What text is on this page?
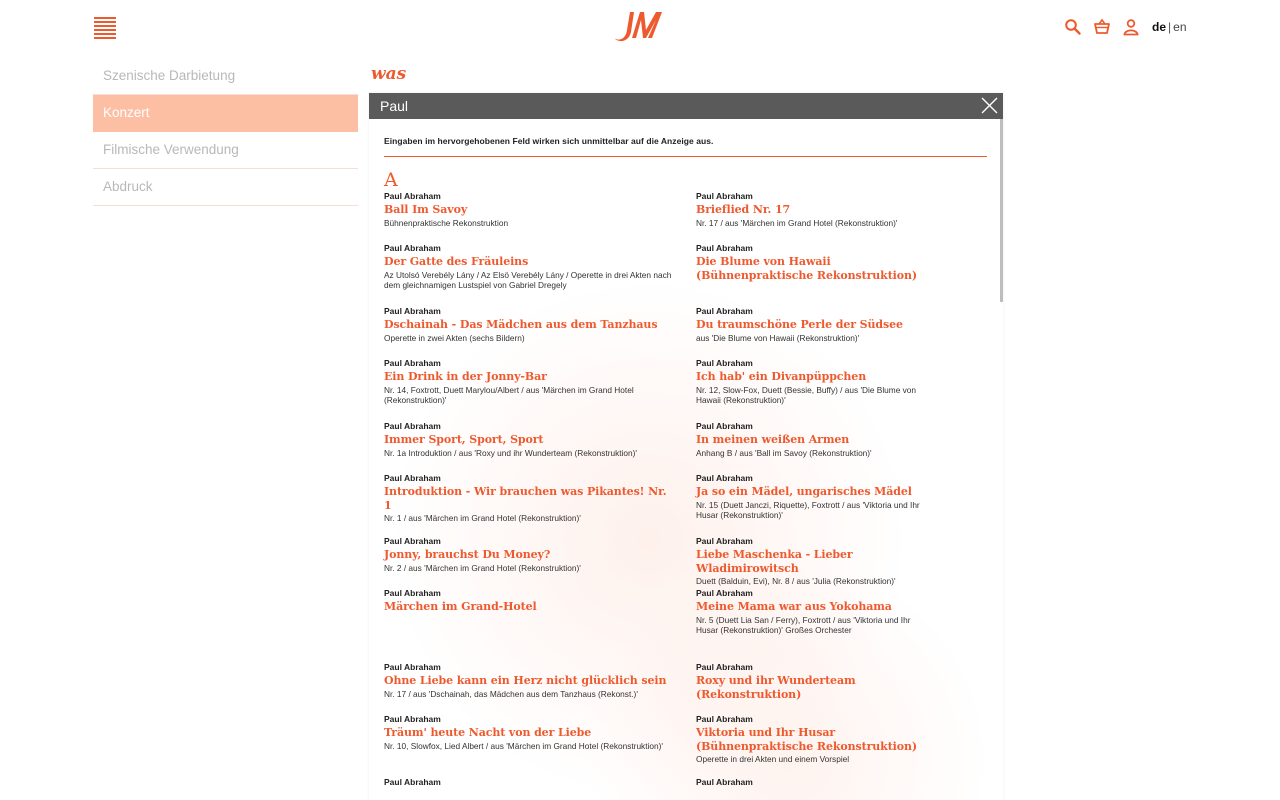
de | en
Szenische Darbietung
Konzert
Filmische Verwendung
Abdruck
was
Paul
Eingaben im hervorgehobenen Feld wirken sich unmittelbar auf die Anzeige aus.
A
Paul Abraham
Ball Im Savoy
Bühnenpraktische Rekonstruktion
Paul Abraham
Brieflied Nr. 17
Nr. 17 / aus 'Märchen im Grand Hotel (Rekonstruktion)'
Paul Abraham
Der Gatte des Fräuleins
Az Utolsó Verebély Lány / Az Elsö Verebély Lány / Operette in drei Akten nach dem gleichnamigen Lustspiel von Gabriel Dregely
Paul Abraham
Die Blume von Hawaii (Bühnenpraktische Rekonstruktion)
Paul Abraham
Dschainah - Das Mädchen aus dem Tanzhaus
Operette in zwei Akten (sechs Bildern)
Paul Abraham
Du traumschöne Perle der Südsee
aus 'Die Blume von Hawaii (Rekonstruktion)'
Paul Abraham
Ein Drink in der Jonny-Bar
Nr. 14, Foxtrott, Duett Marylou/Albert / aus 'Märchen im Grand Hotel (Rekonstruktion)'
Paul Abraham
Ich hab' ein Divanpüppchen
Nr. 12, Slow-Fox, Duett (Bessie, Buffy) / aus 'Die Blume von Hawaii (Rekonstruktion)'
Paul Abraham
Immer Sport, Sport, Sport
Nr. 1a Introduktion / aus 'Roxy und ihr Wunderteam (Rekonstruktion)'
Paul Abraham
In meinen weißen Armen
Anhang B / aus 'Ball im Savoy (Rekonstruktion)'
Paul Abraham
Introduktion - Wir brauchen was Pikantes! Nr. 1
Nr. 1 / aus 'Märchen im Grand Hotel (Rekonstruktion)'
Paul Abraham
Ja so ein Mädel, ungarisches Mädel
Nr. 15 (Duett Janczi, Riquette), Foxtrott / aus 'Viktoria und Ihr Husar (Rekonstruktion)'
Paul Abraham
Jonny, brauchst Du Money?
Nr. 2 / aus 'Märchen im Grand Hotel (Rekonstruktion)'
Paul Abraham
Liebe Maschenka - Lieber Wladimirowitsch
Duett (Balduin, Evi), Nr. 8 / aus 'Julia (Rekonstruktion)'
Paul Abraham
Märchen im Grand-Hotel
Paul Abraham
Meine Mama war aus Yokohama
Nr. 5 (Duett Lia San / Ferry), Foxtrott / aus 'Viktoria und Ihr Husar (Rekonstruktion)' Großes Orchester
Paul Abraham
Ohne Liebe kann ein Herz nicht glücklich sein
Nr. 17 / aus 'Dschainah, das Mädchen aus dem Tanzhaus (Rekonst.)'
Paul Abraham
Roxy und ihr Wunderteam (Rekonstruktion)
Paul Abraham
Träum' heute Nacht von der Liebe
Nr. 10, Slowfox, Lied Albert / aus 'Märchen im Grand Hotel (Rekonstruktion)'
Paul Abraham
Viktoria und Ihr Husar (Bühnenpraktische Rekonstruktion)
Operette in drei Akten und einem Vorspiel
Paul Abraham	Paul Abraham
